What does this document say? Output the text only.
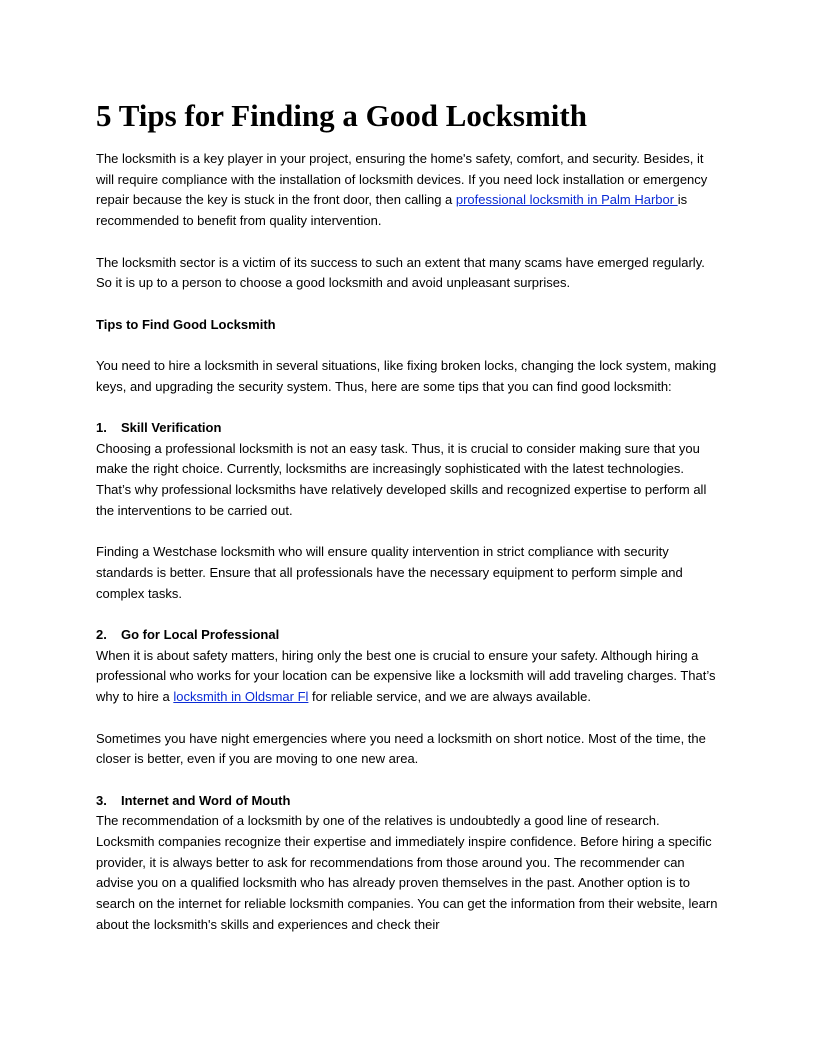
5 Tips for Finding a Good Locksmith

The locksmith is a key player in your project, ensuring the home's safety, comfort, and security. Besides, it will require compliance with the installation of locksmith devices. If you need lock installation or emergency repair because the key is stuck in the front door, then calling a professional locksmith in Palm Harbor is recommended to benefit from quality intervention.

The locksmith sector is a victim of its success to such an extent that many scams have emerged regularly. So it is up to a person to choose a good locksmith and avoid unpleasant surprises.

Tips to Find Good Locksmith

You need to hire a locksmith in several situations, like fixing broken locks, changing the lock system, making keys, and upgrading the security system. Thus, here are some tips that you can find good locksmith:

1. Skill Verification

Choosing a professional locksmith is not an easy task. Thus, it is crucial to consider making sure that you make the right choice. Currently, locksmiths are increasingly sophisticated with the latest technologies. That’s why professional locksmiths have relatively developed skills and recognized expertise to perform all the interventions to be carried out.

Finding a Westchase locksmith who will ensure quality intervention in strict compliance with security standards is better. Ensure that all professionals have the necessary equipment to perform simple and complex tasks.

2. Go for Local Professional

When it is about safety matters, hiring only the best one is crucial to ensure your safety. Although hiring a professional who works for your location can be expensive like a locksmith will add traveling charges. That’s why to hire a locksmith in Oldsmar Fl for reliable service, and we are always available.

Sometimes you have night emergencies where you need a locksmith on short notice. Most of the time, the closer is better, even if you are moving to one new area.

3. Internet and Word of Mouth

The recommendation of a locksmith by one of the relatives is undoubtedly a good line of research. Locksmith companies recognize their expertise and immediately inspire confidence. Before hiring a specific provider, it is always better to ask for recommendations from those around you. The recommender can advise you on a qualified locksmith who has already proven themselves in the past. Another option is to search on the internet for reliable locksmith companies. You can get the information from their website, learn about the locksmith's skills and experiences and check their
